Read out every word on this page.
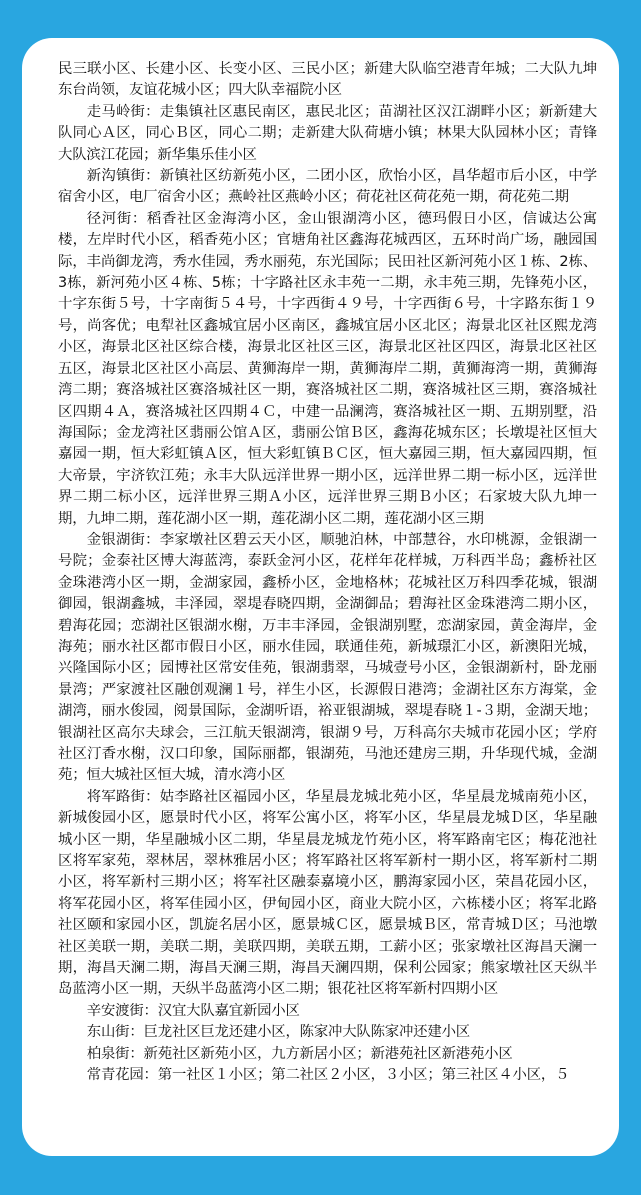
民三联小区、长建小区、长变小区、三民小区；新建大队临空港青年城；二大队九坤东台尚领，友谊花城小区；四大队幸福院小区

走马岭街：走集镇社区惠民南区，惠民北区；苗湖社区汉江湖畔小区；新新建大队同心Ａ区，同心Ｂ区，同心二期；走新建大队荷塘小镇；林果大队园林小区；青锋大队滨江花园；新华集乐佳小区

新沟镇街：新镇社区纺新苑小区，二团小区，欣怡小区，昌华超市后小区，中学宿舍小区，电厂宿舍小区；燕岭社区燕岭小区；荷花社区荷花苑一期，荷花苑二期

径河街：稻香社区金海湾小区，金山银湖湾小区，德玛假日小区，信诚达公寓楼，左岸时代小区，稻香苑小区；官塘角社区鑫海花城西区，五环时尚广场，融园国际，丰尚御龙湾，秀水佳园，秀水丽苑，东光国际；民田社区新河苑小区１栋、2栋、3栋，新河苑小区４栋、5栋；十字路社区永丰苑一二期，永丰苑三期，先锋苑小区，十字东街５号，十字南街５４号，十字西街４９号，十字西街６号，十字路东街１９号，尚客优；电犁社区鑫城宜居小区南区，鑫城宜居小区北区；海景北区社区熙龙湾小区，海景北区社区综合楼，海景北区社区三区，海景北区社区四区，海景北区社区五区，海景北区社区小高层、黄狮海岸一期，黄狮海岸二期，黄狮海湾一期，黄狮海湾二期；赛洛城社区赛洛城社区一期，赛洛城社区二期，赛洛城社区三期，赛洛城社区四期４Ａ，赛洛城社区四期４Ｃ，中建一品澜湾，赛洛城社区一期、五期别墅，沿海国际；金龙湾社区翡丽公馆Ａ区，翡丽公馆Ｂ区，鑫海花城东区；长墩堤社区恒大嘉园一期，恒大彩虹镇Ａ区，恒大彩虹镇ＢＣ区，恒大嘉园三期，恒大嘉园四期，恒大帝景，宇济钦江苑；永丰大队远洋世界一期小区，远洋世界二期一标小区，远洋世界二期二标小区，远洋世界三期Ａ小区，远洋世界三期Ｂ小区；石家坡大队九坤一期，九坤二期，莲花湖小区一期，莲花湖小区二期，莲花湖小区三期

金银湖街：李家墩社区碧云天小区，顺驰泊林，中部慧谷，水印桃源，金银湖一号院；金泰社区博大海蓝湾，泰跃金河小区，花样年花样城，万科西半岛；鑫桥社区金珠港湾小区一期，金湖家园，鑫桥小区，金地格林；花城社区万科四季花城，银湖御园，银湖鑫城，丰泽园，翠堤春晓四期，金湖御品；碧海社区金珠港湾二期小区，碧海花园；恋湖社区银湖水榭，万丰丰泽园，金银湖别墅，恋湖家园，黄金海岸，金海苑；丽水社区都市假日小区，丽水佳园，联通佳苑，新城璟汇小区，新澳阳光城，兴隆国际小区；园博社区常安佳苑，银湖翡翠，马城壹号小区，金银湖新村，卧龙丽景湾；严家渡社区融创观澜１号，祥生小区，长源假日港湾；金湖社区东方海棠，金湖湾，丽水俊园，阅景国际，金湖听语，裕亚银湖城，翠堤春晓１-３期，金湖天地；银湖社区高尔夫球会，三江航天银湖湾，银湖９号，万科高尔夫城市花园小区；学府社区汀香水榭，汉口印象，国际丽都，银湖苑，马池还建房三期，升华现代城，金湖苑；恒大城社区恒大城，清水湾小区

将军路街：姑李路社区福园小区，华星晨龙城北苑小区，华星晨龙城南苑小区，新城俊园小区，愿景时代小区，将军公寓小区，将军小区，华星晨龙城Ｄ区，华星融城小区一期，华星融城小区二期，华星晨龙城龙竹苑小区，将军路南宅区；梅花池社区将军家苑，翠林居，翠林雅居小区；将军路社区将军新村一期小区，将军新村二期小区，将军新村三期小区；将军社区融泰嘉境小区，鹏海家园小区，荣昌花园小区，将军花园小区，将军佳园小区，伊甸园小区，商业大院小区，六栋楼小区；将军北路社区颐和家园小区，凯旋名居小区，愿景城Ｃ区，愿景城Ｂ区，常青城Ｄ区；马池墩社区美联一期，美联二期，美联四期，美联五期，工薪小区；张家墩社区海昌天澜一期，海昌天澜二期，海昌天澜三期，海昌天澜四期，保利公园家；熊家墩社区天纵半岛蓝湾小区一期，天纵半岛蓝湾小区二期；银花社区将军新村四期小区

辛安渡街：汉宜大队嘉宜新园小区

东山街：巨龙社区巨龙还建小区，陈家冲大队陈家冲还建小区

柏泉街：新苑社区新苑小区，九方新居小区；新港苑社区新港苑小区

常青花园：第一社区１小区；第二社区２小区，３小区；第三社区４小区，５
